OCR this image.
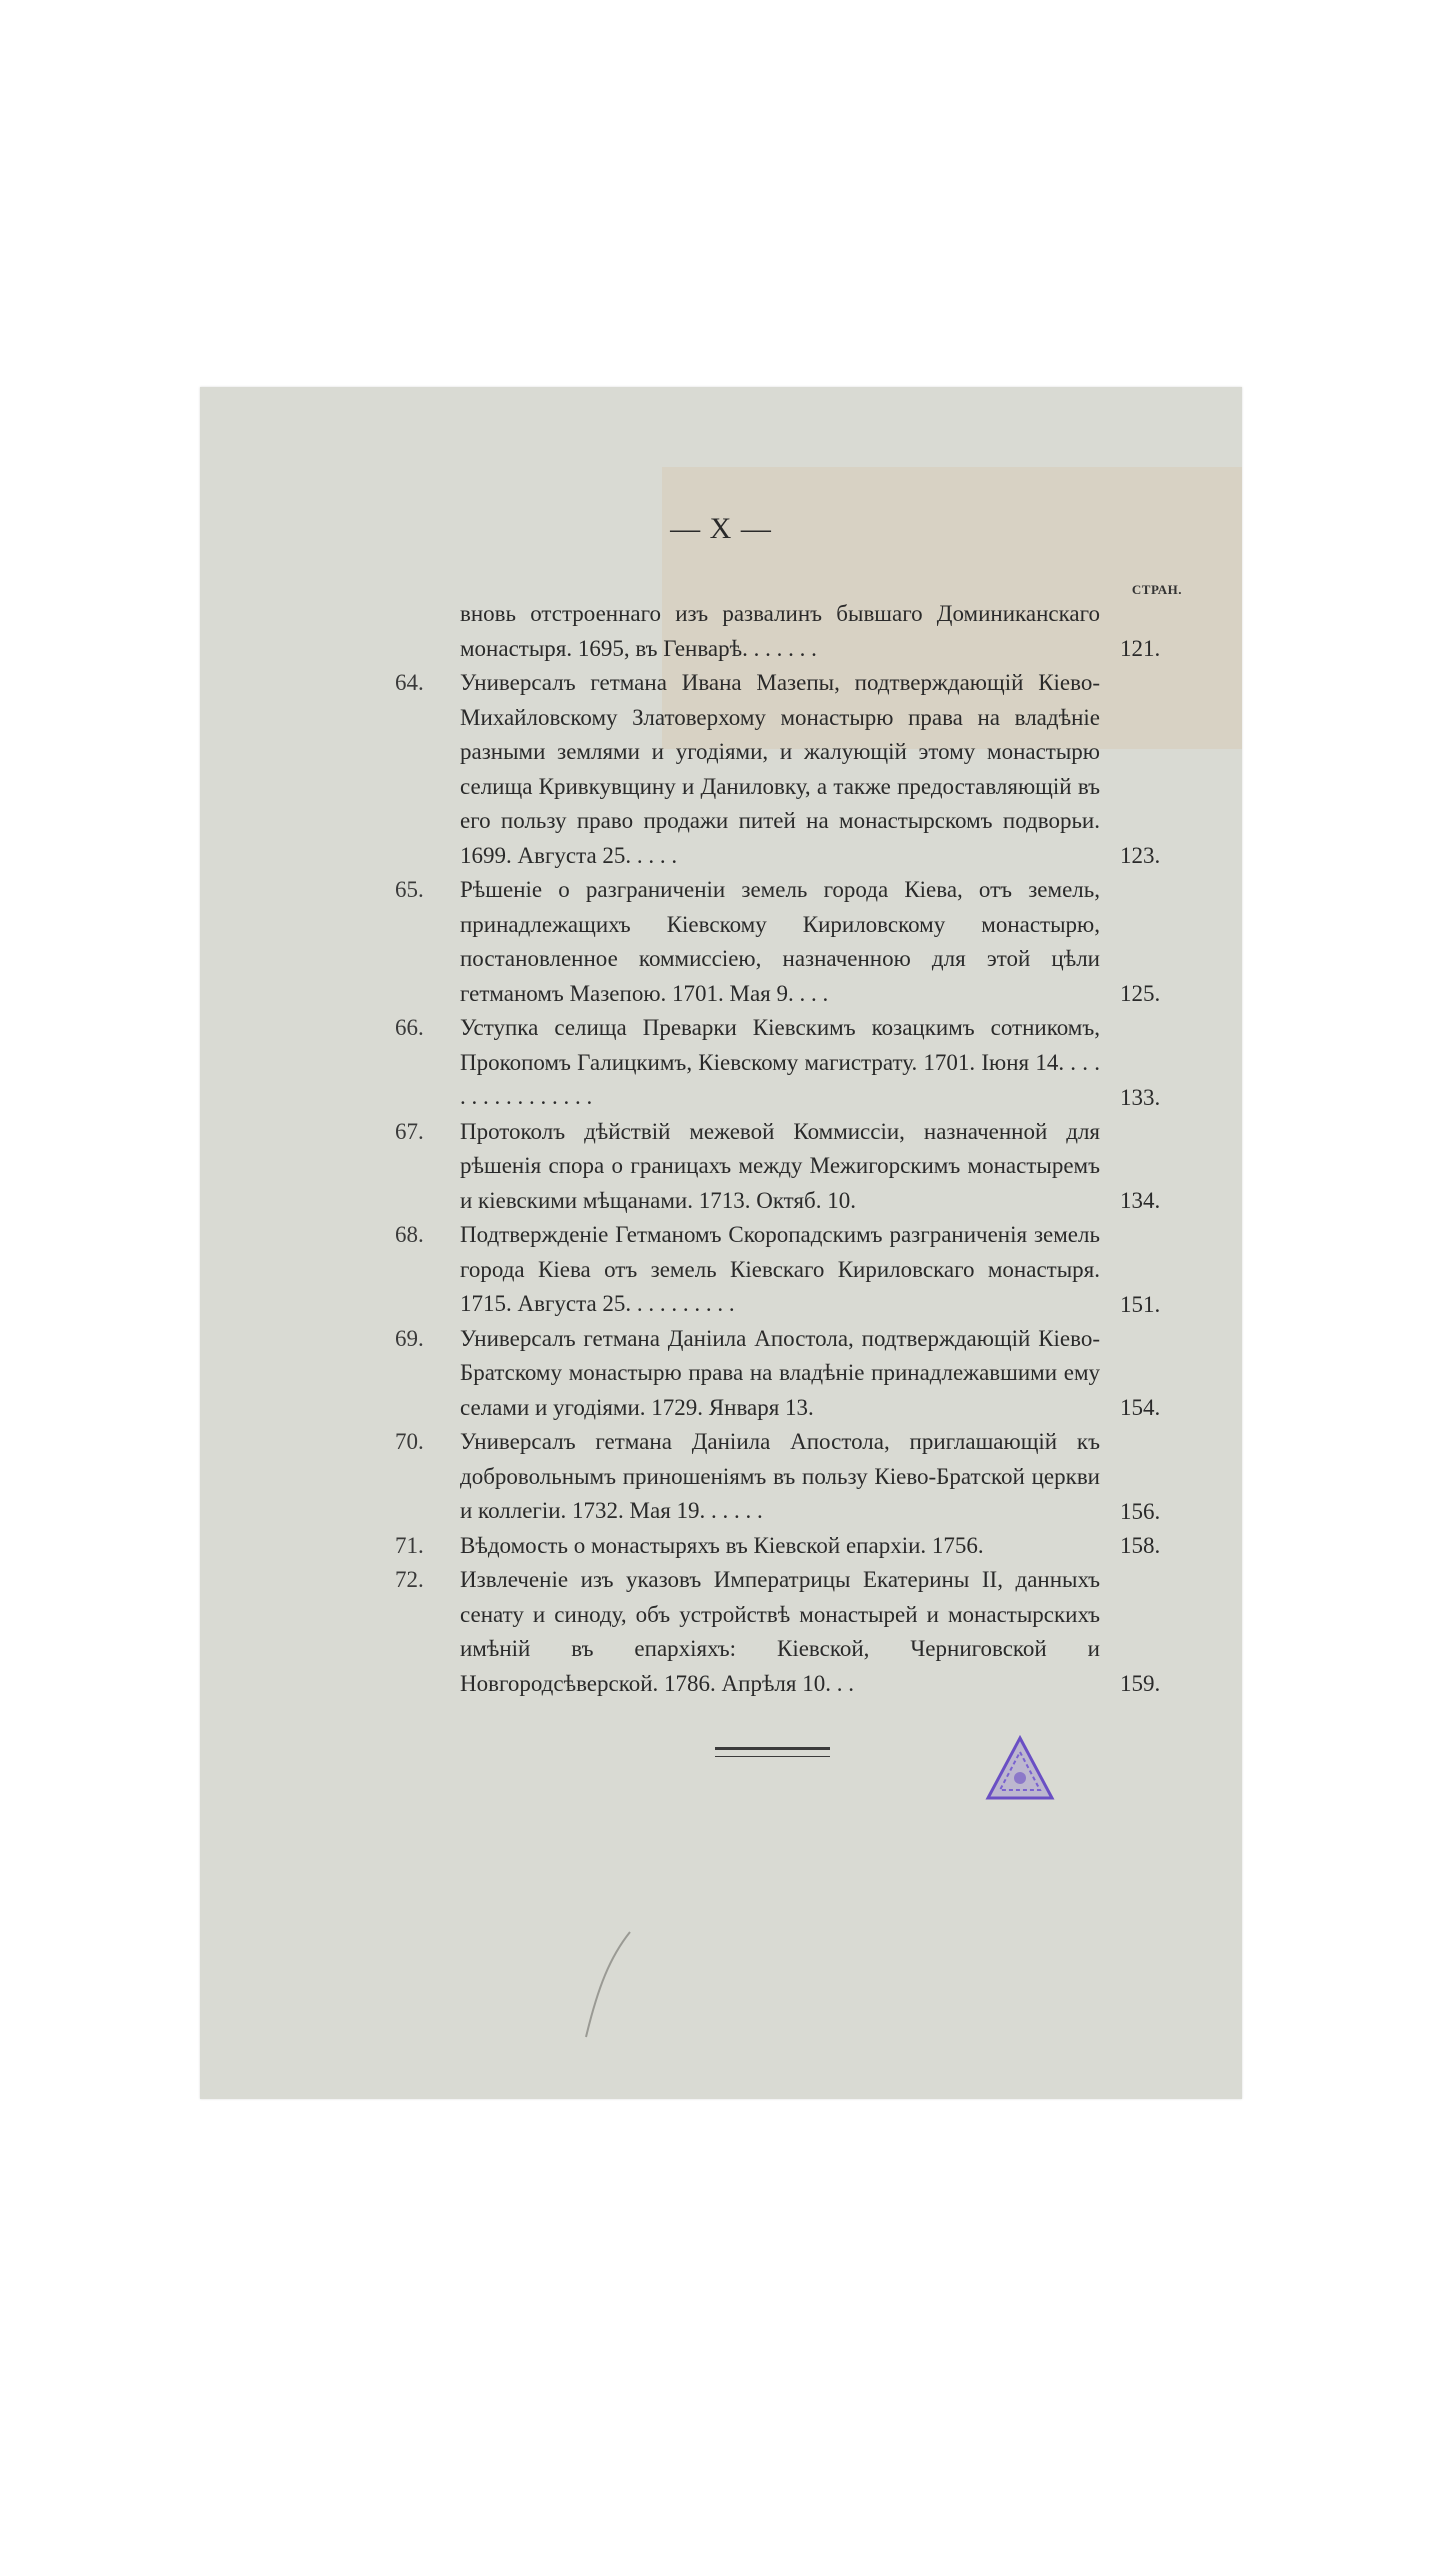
— X —
СТРАН.
вновь отстроеннаго изъ развалинъ бывшаго Доминиканскаго монастыря. 1695, въ Генварѣ. . . . . . .	121.
64. Универсалъ гетмана Ивана Мазепы, подтверждающій Кіево-Михайловскому Златоверхому монастырю права на владѣніе разными землями и угодіями, и жалующій этому монастырю селища Кривкувщину и Даниловку, а также предоставляющій въ его пользу право продажи питей на монастырскомъ подворьи. 1699. Августа 25. . . . .	123.
65. Рѣшеніе о разграниченіи земель города Кіева, отъ земель, принадлежащихъ Кіевскому Кириловскому монастырю, постановленное коммиссіею, назначенною для этой цѣли гетманомъ Мазепою. 1701. Мая 9. . . .	125.
66. Уступка селища Преварки Кіевскимъ козацкимъ сотникомъ, Прокопомъ Галицкимъ, Кіевскому магистрату. 1701. Іюня 14. . . . . . . . . . . . . . . .	133.
67. Протоколъ дѣйствій межевой Коммиссіи, назначенной для рѣшенія спора о границахъ между Межигорскимъ монастыремъ и кіевскими мѣщанами. 1713. Октяб. 10.	134.
68. Подтвержденіе Гетманомъ Скоропадскимъ разграниченія земель города Кіева отъ земель Кіевскаго Кириловскаго монастыря. 1715. Августа 25. . . . . . . . . .	151.
69. Универсалъ гетмана Даніила Апостола, подтверждающій Кіево-Братскому монастырю права на владѣніе принадлежавшими ему селами и угодіями. 1729. Января 13.	154.
70. Универсалъ гетмана Даніила Апостола, приглашающій къ добровольнымъ приношеніямъ въ пользу Кіево-Братской церкви и коллегіи. 1732. Мая 19. . . . . .	156.
71. Вѣдомость о монастыряхъ въ Кіевской епархіи. 1756.	158.
72. Извлеченіе изъ указовъ Императрицы Екатерины II, данныхъ сенату и синоду, объ устройствѣ монастырей и монастырскихъ имѣній въ епархіяхъ: Кіевской, Черниговской и Новгородсѣверской. 1786. Апрѣля 10. . .	159.
